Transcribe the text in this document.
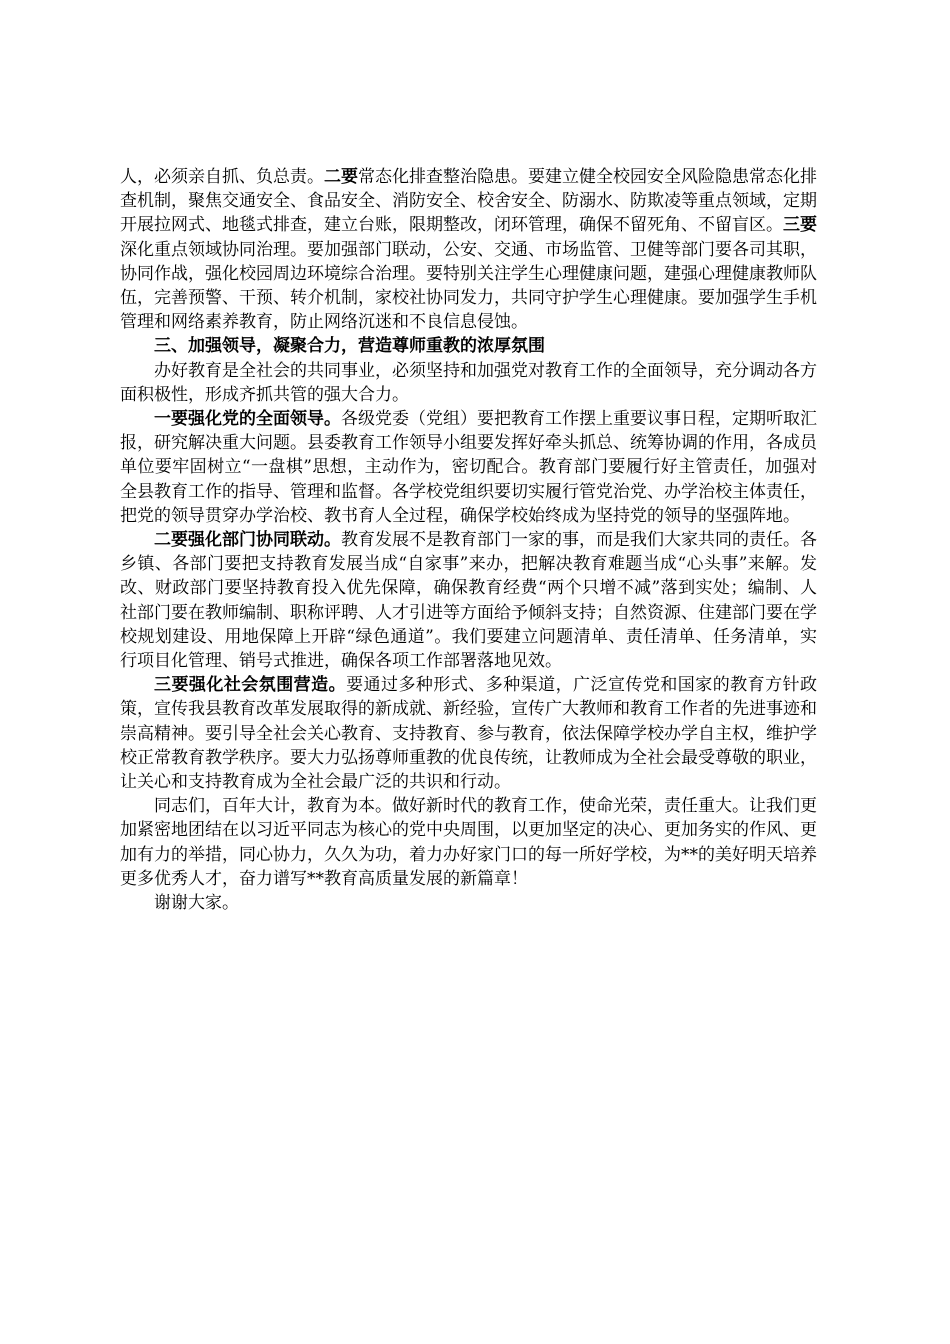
人，必须亲自抓、负总责。二要常态化排查整治隐患。要建立健全校园安全风险隐患常态化排查机制，聚焦交通安全、食品安全、消防安全、校舍安全、防溺水、防欺凌等重点领域，定期开展拉网式、地毯式排查，建立台账，限期整改，闭环管理，确保不留死角、不留盲区。三要深化重点领域协同治理。要加强部门联动，公安、交通、市场监管、卫健等部门要各司其职，协同作战，强化校园周边环境综合治理。要特别关注学生心理健康问题，建强心理健康教师队伍，完善预警、干预、转介机制，家校社协同发力，共同守护学生心理健康。要加强学生手机管理和网络素养教育，防止网络沉迷和不良信息侵蚀。

三、加强领导，凝聚合力，营造尊师重教的浓厚氛围

办好教育是全社会的共同事业，必须坚持和加强党对教育工作的全面领导，充分调动各方面积极性，形成齐抓共管的强大合力。

一要强化党的全面领导。各级党委（党组）要把教育工作摆上重要议事日程，定期听取汇报，研究解决重大问题。县委教育工作领导小组要发挥好牵头抓总、统筹协调的作用，各成员单位要牢固树立“一盘棋”思想，主动作为，密切配合。教育部门要履行好主管责任，加强对全县教育工作的指导、管理和监督。各学校党组织要切实履行管党治党、办学治校主体责任，把党的领导贯穿办学治校、教书育人全过程，确保学校始终成为坚持党的领导的坚强阵地。

二要强化部门协同联动。教育发展不是教育部门一家的事，而是我们大家共同的责任。各乡镇、各部门要把支持教育发展当成“自家事”来办，把解决教育难题当成“心头事”来解。发改、财政部门要坚持教育投入优先保障，确保教育经费“两个只增不减”落到实处；编制、人社部门要在教师编制、职称评聘、人才引进等方面给予倾斜支持；自然资源、住建部门要在学校规划建设、用地保障上开辟“绿色通道”。我们要建立问题清单、责任清单、任务清单，实行项目化管理、销号式推进，确保各项工作部署落地见效。

三要强化社会氛围营造。要通过多种形式、多种渠道，广泛宣传党和国家的教育方针政策，宣传我县教育改革发展取得的新成就、新经验，宣传广大教师和教育工作者的先进事迹和崇高精神。要引导全社会关心教育、支持教育、参与教育，依法保障学校办学自主权，维护学校正常教育教学秩序。要大力弘扬尊师重教的优良传统，让教师成为全社会最受尊敬的职业，让关心和支持教育成为全社会最广泛的共识和行动。

同志们，百年大计，教育为本。做好新时代的教育工作，使命光荣，责任重大。让我们更加紧密地团结在以习近平同志为核心的党中央周围，以更加坚定的决心、更加务实的作风、更加有力的举措，同心协力，久久为功，着力办好家门口的每一所好学校，为**的美好明天培养更多优秀人才，奋力谱写**教育高质量发展的新篇章！

谢谢大家。
